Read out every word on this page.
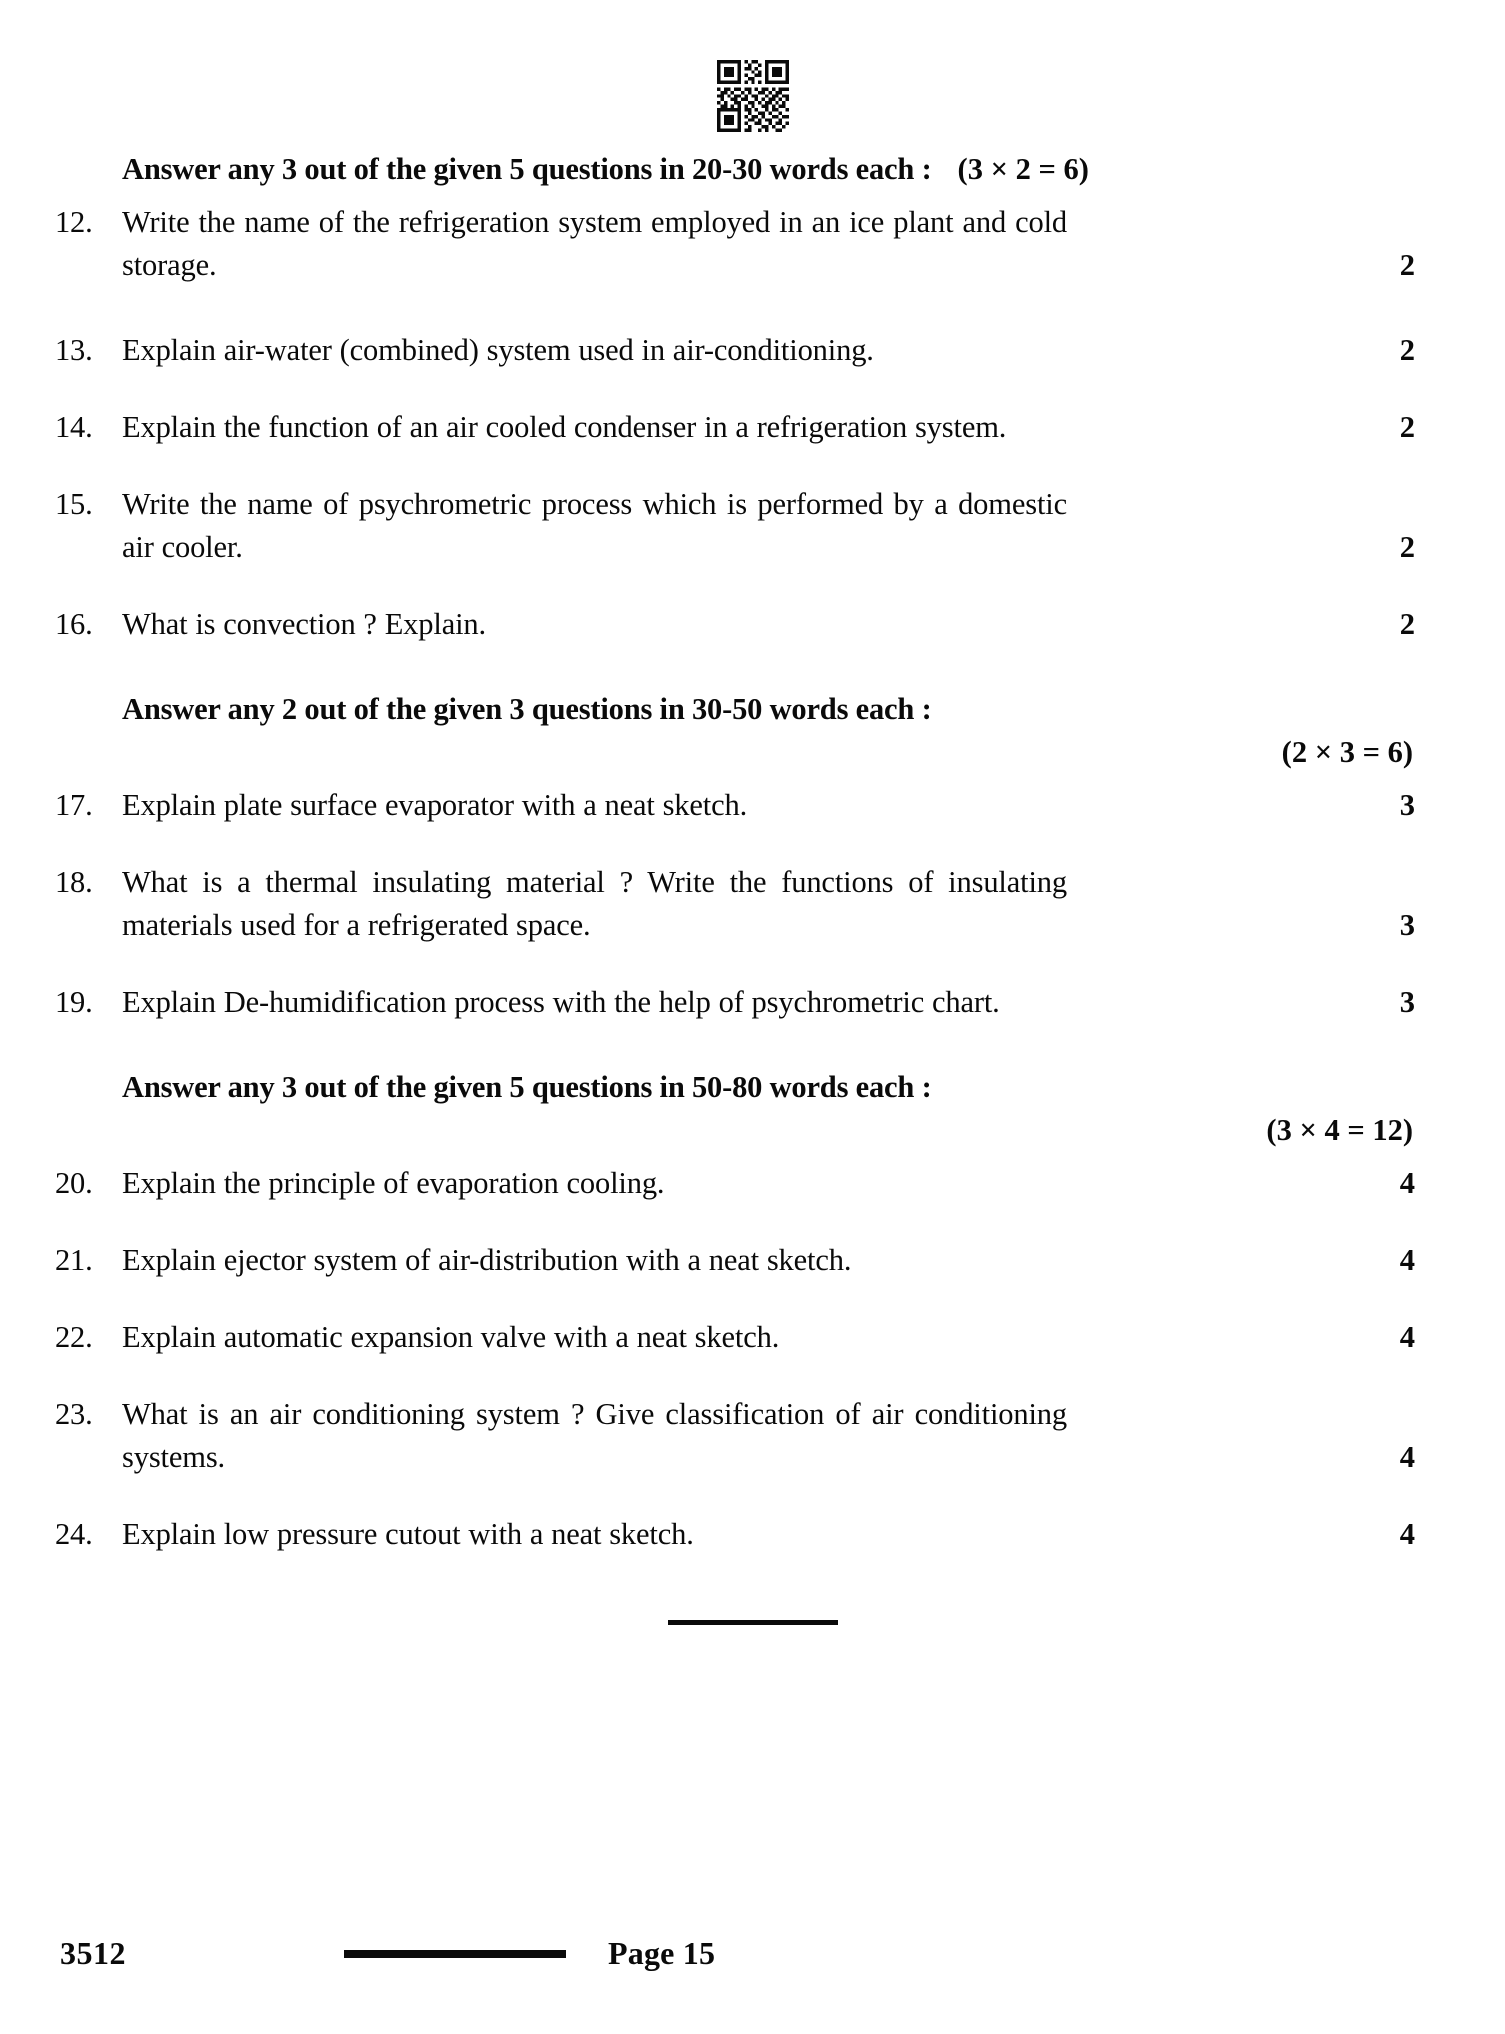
Answer any 3 out of the given 5 questions in 20-30 words each : (3 × 2 = 6)
12. Write the name of the refrigeration system employed in an ice plant and cold storage.	2
13. Explain air-water (combined) system used in air-conditioning.	2
14. Explain the function of an air cooled condenser in a refrigeration system.	2
15. Write the name of psychrometric process which is performed by a domestic air cooler.	2
16. What is convection ? Explain.	2
Answer any 2 out of the given 3 questions in 30-50 words each :
(2 × 3 = 6)
17. Explain plate surface evaporator with a neat sketch.	3
18. What is a thermal insulating material ? Write the functions of insulating materials used for a refrigerated space.	3
19. Explain De-humidification process with the help of psychrometric chart.	3
Answer any 3 out of the given 5 questions in 50-80 words each :
(3 × 4 = 12)
20. Explain the principle of evaporation cooling.	4
21. Explain ejector system of air-distribution with a neat sketch.	4
22. Explain automatic expansion valve with a neat sketch.	4
23. What is an air conditioning system ? Give classification of air conditioning systems.	4
24. Explain low pressure cutout with a neat sketch.	4
3512	Page 15
